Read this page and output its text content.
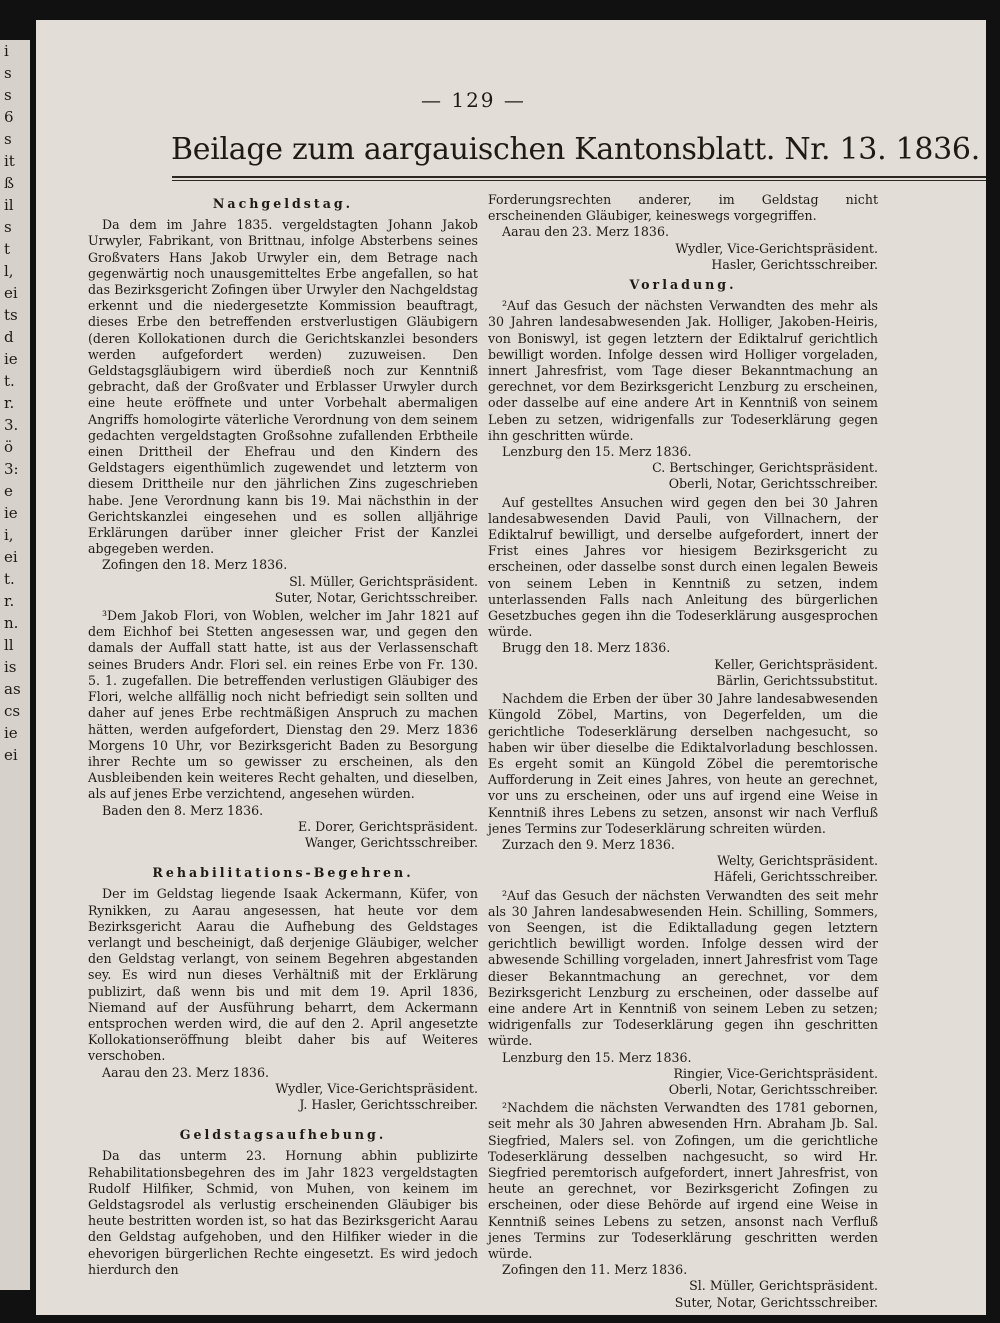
i
s
s
6
s
it
ß
il
s
t
l,
ei
ts
d
ie
t.
r.
3.
ö
3:
e
ie
i,
ei
t.
r.
n.
ll
is
as
cs
ie
ei
— 129 —
Beilage zum aargauischen Kantonsblatt. Nr. 13. 1836.

Nachgeldstag.

Da dem im Jahre 1835. vergeldstagten Johann Jakob Urwyler, Fabrikant, von Brittnau, infolge Absterbens seines Großvaters Hans Jakob Urwyler ein, dem Betrage nach gegenwärtig noch unausgemitteltes Erbe angefallen, so hat das Bezirksgericht Zofingen über Urwyler den Nachgeldstag erkennt und die niedergesetzte Kommission beauftragt, dieses Erbe den betreffenden erstverlustigen Gläubigern (deren Kollokationen durch die Gerichtskanzlei besonders werden aufgefordert werden) zuzuweisen. Den Geldstagsgläubigern wird überdieß noch zur Kenntniß gebracht, daß der Großvater und Erblasser Urwyler durch eine heute eröffnete und unter Vorbehalt abermaligen Angriffs homologirte väterliche Verordnung von dem seinem gedachten vergeldstagten Großsohne zufallenden Erbtheile einen Drittheil der Ehefrau und den Kindern des Geldstagers eigenthümlich zugewendet und letzterm von diesem Drittheile nur den jährlichen Zins zugeschrieben habe. Jene Verordnung kann bis 19. Mai nächsthin in der Gerichtskanzlei eingesehen und es sollen alljährige Erklärungen darüber inner gleicher Frist der Kanzlei abgegeben werden.

Zofingen den 18. Merz 1836.

Sl. Müller, Gerichtspräsident.

Suter, Notar, Gerichtsschreiber.

³Dem Jakob Flori, von Woblen, welcher im Jahr 1821 auf dem Eichhof bei Stetten angesessen war, und gegen den damals der Auffall statt hatte, ist aus der Verlassenschaft seines Bruders Andr. Flori sel. ein reines Erbe von Fr. 130. 5. 1. zugefallen. Die betreffenden verlustigen Gläubiger des Flori, welche allfällig noch nicht befriedigt sein sollten und daher auf jenes Erbe rechtmäßigen Anspruch zu machen hätten, werden aufgefordert, Dienstag den 29. Merz 1836 Morgens 10 Uhr, vor Bezirksgericht Baden zu Besorgung ihrer Rechte um so gewisser zu erscheinen, als den Ausbleibenden kein weiteres Recht gehalten, und dieselben, als auf jenes Erbe verzichtend, angesehen würden.

Baden den 8. Merz 1836.

E. Dorer, Gerichtspräsident.

Wanger, Gerichtsschreiber.

Rehabilitations-Begehren.

Der im Geldstag liegende Isaak Ackermann, Küfer, von Rynikken, zu Aarau angesessen, hat heute vor dem Bezirksgericht Aarau die Aufhebung des Geldstages verlangt und bescheinigt, daß derjenige Gläubiger, welcher den Geldstag verlangt, von seinem Begehren abgestanden sey. Es wird nun dieses Verhältniß mit der Erklärung publizirt, daß wenn bis und mit dem 19. April 1836, Niemand auf der Ausführung beharrt, dem Ackermann entsprochen werden wird, die auf den 2. April angesetzte Kollokationseröffnung bleibt daher bis auf Weiteres verschoben.

Aarau den 23. Merz 1836.

Wydler, Vice-Gerichtspräsident.

J. Hasler, Gerichtsschreiber.

Geldstagsaufhebung.

Da das unterm 23. Hornung abhin publizirte Rehabilitationsbegehren des im Jahr 1823 vergeldstagten Rudolf Hilfiker, Schmid, von Muhen, von keinem im Geldstagsrodel als verlustig erscheinenden Gläubiger bis heute bestritten worden ist, so hat das Bezirksgericht Aarau den Geldstag aufgehoben, und den Hilfiker wieder in die ehevorigen bürgerlichen Rechte eingesetzt. Es wird jedoch hierdurch den

Forderungsrechten anderer, im Geldstag nicht erscheinenden Gläubiger, keineswegs vorgegriffen.

Aarau den 23. Merz 1836.

Wydler, Vice-Gerichtspräsident.

Hasler, Gerichtsschreiber.

Vorladung.

²Auf das Gesuch der nächsten Verwandten des mehr als 30 Jahren landesabwesenden Jak. Holliger, Jakoben-Heiris, von Boniswyl, ist gegen letztern der Ediktalruf gerichtlich bewilligt worden. Infolge dessen wird Holliger vorgeladen, innert Jahresfrist, vom Tage dieser Bekanntmachung an gerechnet, vor dem Bezirksgericht Lenzburg zu erscheinen, oder dasselbe auf eine andere Art in Kenntniß von seinem Leben zu setzen, widrigenfalls zur Todeserklärung gegen ihn geschritten würde.

Lenzburg den 15. Merz 1836.

C. Bertschinger, Gerichtspräsident.

Oberli, Notar, Gerichtsschreiber.

Auf gestelltes Ansuchen wird gegen den bei 30 Jahren landesabwesenden David Pauli, von Villnachern, der Ediktalruf bewilligt, und derselbe aufgefordert, innert der Frist eines Jahres vor hiesigem Bezirksgericht zu erscheinen, oder dasselbe sonst durch einen legalen Beweis von seinem Leben in Kenntniß zu setzen, indem unterlassenden Falls nach Anleitung des bürgerlichen Gesetzbuches gegen ihn die Todeserklärung ausgesprochen würde.

Brugg den 18. Merz 1836.

Keller, Gerichtspräsident.

Bärlin, Gerichtssubstitut.

Nachdem die Erben der über 30 Jahre landesabwesenden Küngold Zöbel, Martins, von Degerfelden, um die gerichtliche Todeserklärung derselben nachgesucht, so haben wir über dieselbe die Ediktalvorladung beschlossen. Es ergeht somit an Küngold Zöbel die peremtorische Aufforderung in Zeit eines Jahres, von heute an gerechnet, vor uns zu erscheinen, oder uns auf irgend eine Weise in Kenntniß ihres Lebens zu setzen, ansonst wir nach Verfluß jenes Termins zur Todeserklärung schreiten würden.

Zurzach den 9. Merz 1836.

Welty, Gerichtspräsident.

Häfeli, Gerichtsschreiber.

²Auf das Gesuch der nächsten Verwandten des seit mehr als 30 Jahren landesabwesenden Hein. Schilling, Sommers, von Seengen, ist die Ediktalladung gegen letztern gerichtlich bewilligt worden. Infolge dessen wird der abwesende Schilling vorgeladen, innert Jahresfrist vom Tage dieser Bekanntmachung an gerechnet, vor dem Bezirksgericht Lenzburg zu erscheinen, oder dasselbe auf eine andere Art in Kenntniß von seinem Leben zu setzen; widrigenfalls zur Todeserklärung gegen ihn geschritten würde.

Lenzburg den 15. Merz 1836.

Ringier, Vice-Gerichtspräsident.

Oberli, Notar, Gerichtsschreiber.

²Nachdem die nächsten Verwandten des 1781 gebornen, seit mehr als 30 Jahren abwesenden Hrn. Abraham Jb. Sal. Siegfried, Malers sel. von Zofingen, um die gerichtliche Todeserklärung desselben nachgesucht, so wird Hr. Siegfried peremtorisch aufgefordert, innert Jahresfrist, von heute an gerechnet, vor Bezirksgericht Zofingen zu erscheinen, oder diese Behörde auf irgend eine Weise in Kenntniß seines Lebens zu setzen, ansonst nach Verfluß jenes Termins zur Todeserklärung geschritten werden würde.

Zofingen den 11. Merz 1836.

Sl. Müller, Gerichtspräsident.

Suter, Notar, Gerichtsschreiber.
